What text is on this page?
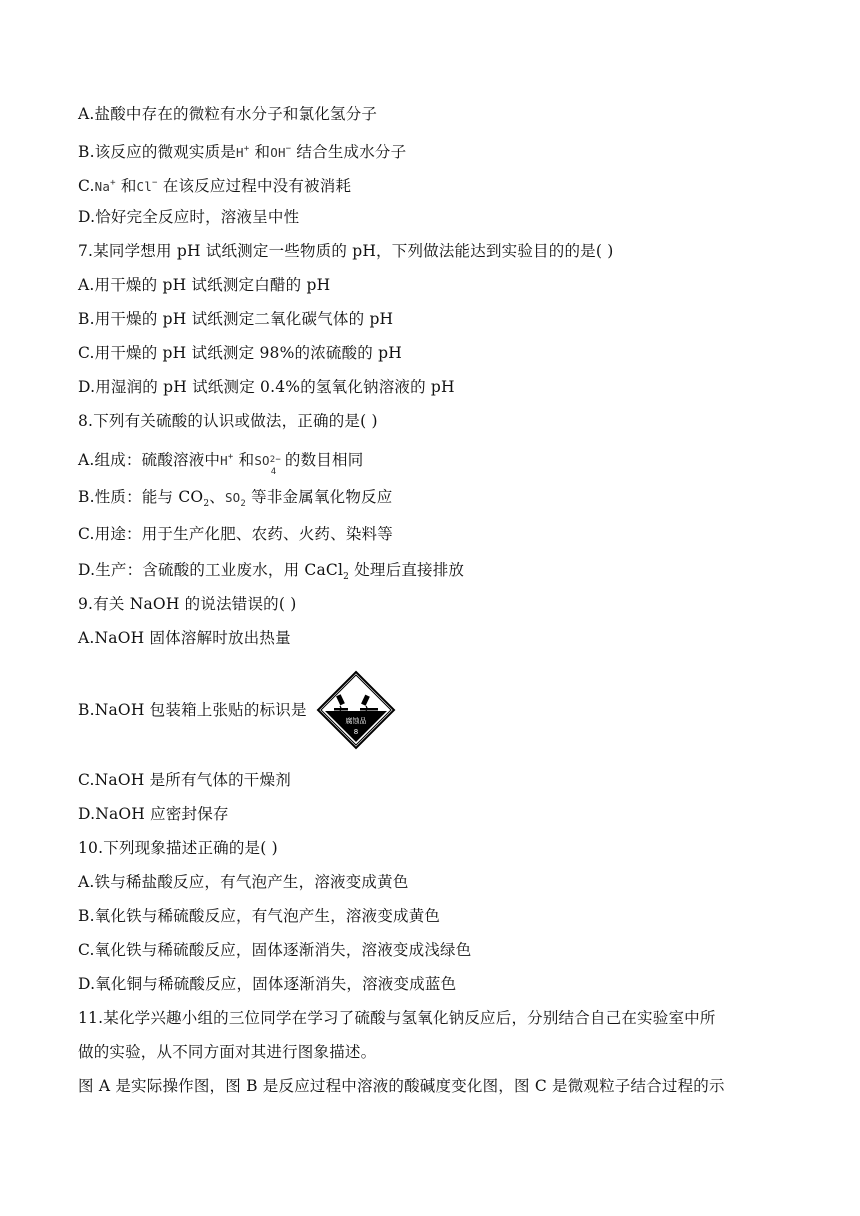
A.盐酸中存在的微粒有水分子和氯化氢分子
B.该反应的微观实质是H+ 和OH− 结合生成水分子
C.Na+ 和Cl− 在该反应过程中没有被消耗
D.恰好完全反应时，溶液呈中性
7.某同学想用 pH 试纸测定一些物质的 pH，下列做法能达到实验目的的是( )
A.用干燥的 pH 试纸测定白醋的 pH
B.用干燥的 pH 试纸测定二氧化碳气体的 pH
C.用干燥的 pH 试纸测定 98%的浓硫酸的 pH
D.用湿润的 pH 试纸测定 0.4%的氢氧化钠溶液的 pH
8.下列有关硫酸的认识或做法，正确的是( )
A.组成：硫酸溶液中H+ 和SO 2−
4
的数目相同
B.性质：能与 $CO_2$、$SO_2$ 等非金属氧化物反应
C.用途：用于生产化肥、农药、火药、染料等
D.生产：含硫酸的工业废水，用 CaCl$_2$ 处理后直接排放
9.有关 NaOH 的说法错误的( )
A.NaOH 固体溶解时放出热量
B.NaOH 包装箱上张贴的标识是
腐蚀品
8
C.NaOH 是所有气体的干燥剂
D.NaOH 应密封保存
10.下列现象描述正确的是( )
A.铁与稀盐酸反应，有气泡产生，溶液变成黄色
B.氧化铁与稀硫酸反应，有气泡产生，溶液变成黄色
C.氧化铁与稀硫酸反应，固体逐渐消失，溶液变成浅绿色
D.氧化铜与稀硫酸反应，固体逐渐消失，溶液变成蓝色
11.某化学兴趣小组的三位同学在学习了硫酸与氢氧化钠反应后，分别结合自己在实验室中所
做的实验，从不同方面对其进行图象描述。
图 A 是实际操作图，图 B 是反应过程中溶液的酸碱度变化图，图 C 是微观粒子结合过程的示
